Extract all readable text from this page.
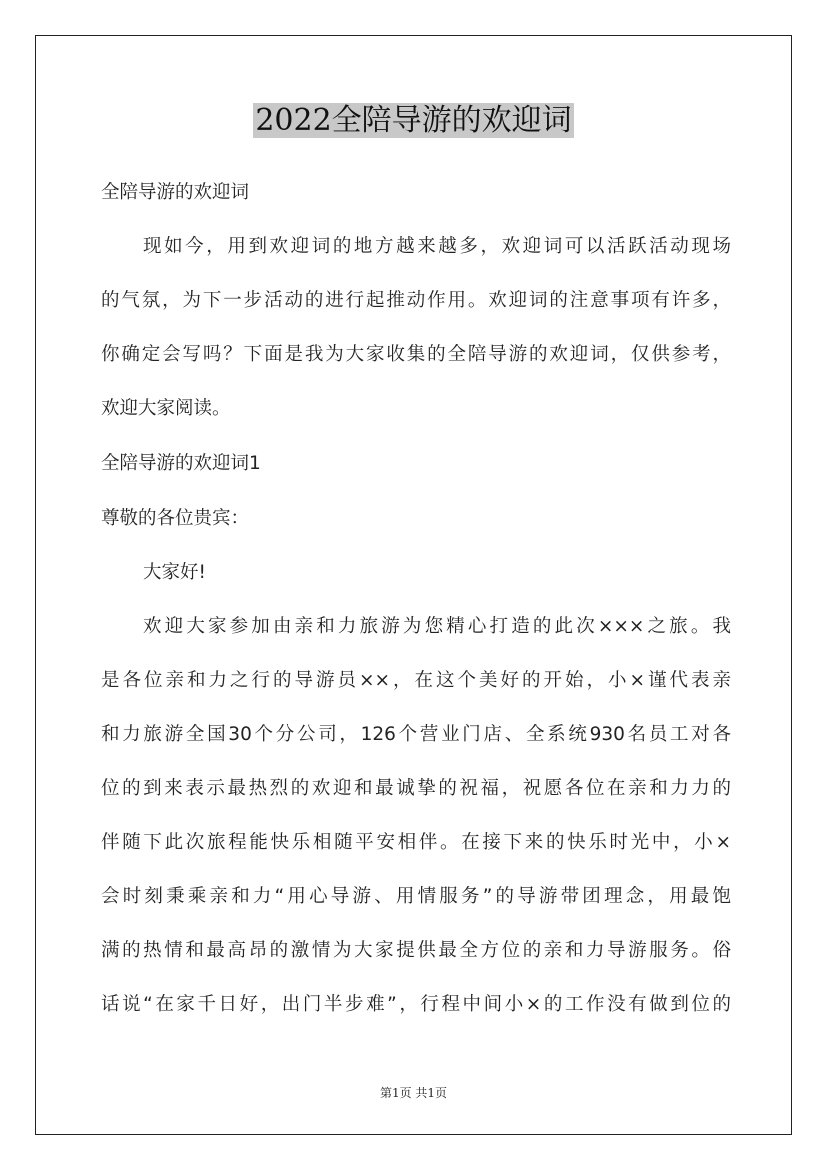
2022全陪导游的欢迎词
全陪导游的欢迎词
现如今，用到欢迎词的地方越来越多，欢迎词可以活跃活动现场
的气氛，为下一步活动的进行起推动作用。欢迎词的注意事项有许多，
你确定会写吗？下面是我为大家收集的全陪导游的欢迎词，仅供参考，
欢迎大家阅读。
全陪导游的欢迎词1
尊敬的各位贵宾：
大家好!
欢迎大家参加由亲和力旅游为您精心打造的此次×××之旅。我
是各位亲和力之行的导游员××，在这个美好的开始，小×谨代表亲
和力旅游全国30个分公司，126个营业门店、全系统930名员工对各
位的到来表示最热烈的欢迎和最诚挚的祝福，祝愿各位在亲和力力的
伴随下此次旅程能快乐相随平安相伴。在接下来的快乐时光中，小×
会时刻秉乘亲和力“用心导游、用情服务”的导游带团理念，用最饱
满的热情和最高昂的激情为大家提供最全方位的亲和力导游服务。俗
话说“在家千日好，出门半步难”，行程中间小×的工作没有做到位的
第1页 共1页
